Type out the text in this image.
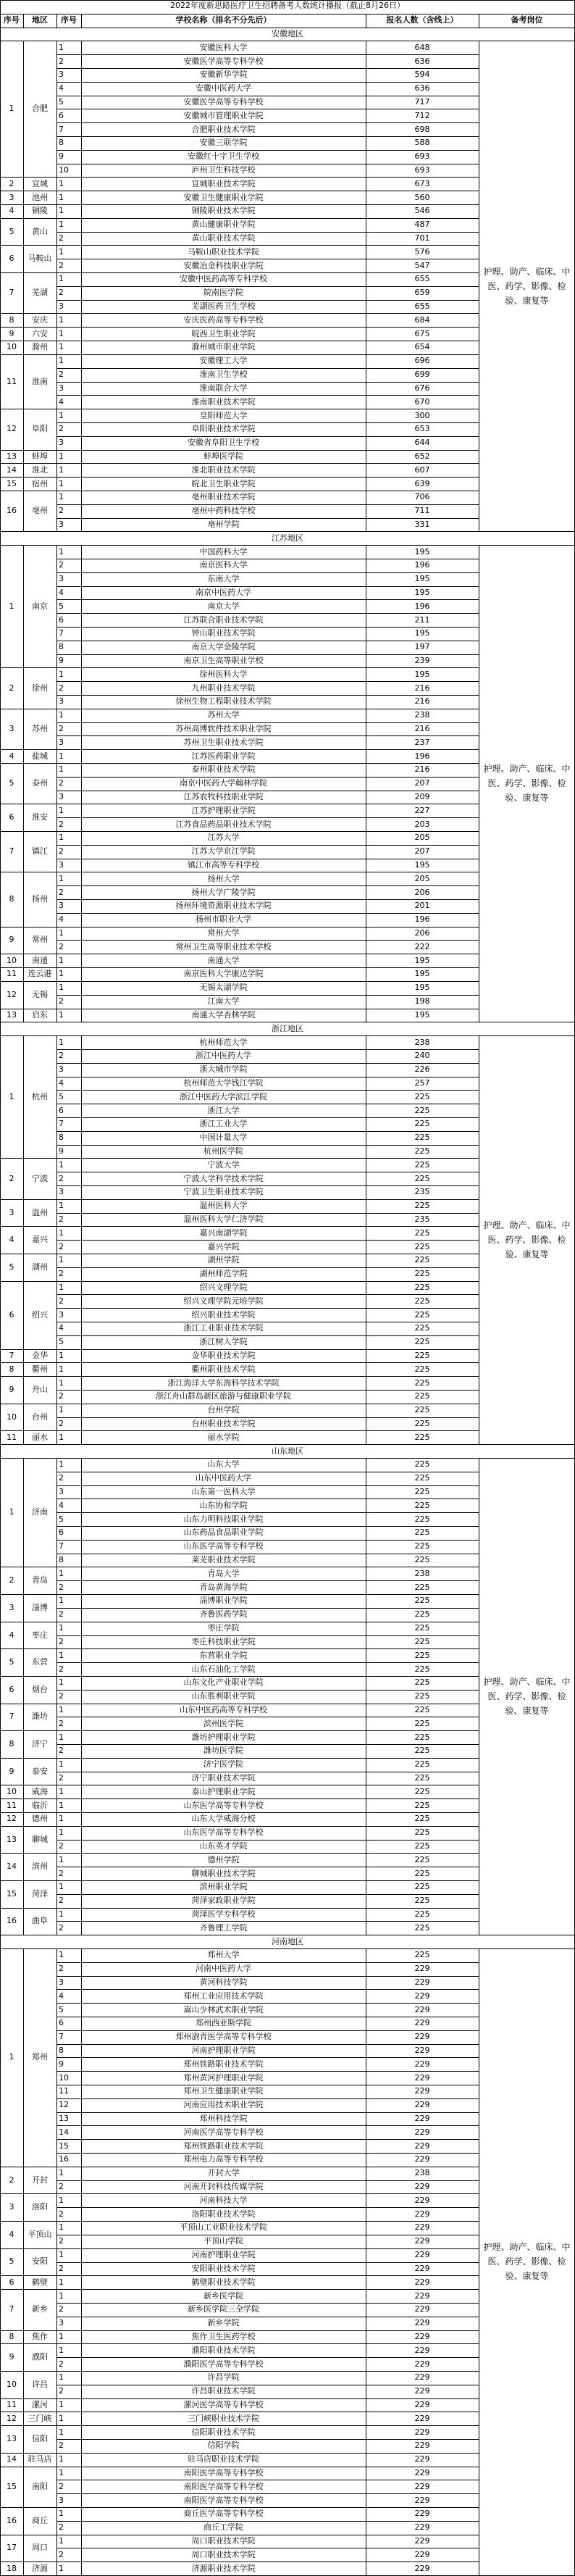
2022年度新思路医疗卫生招聘备考人数统计播报（截止8月26日）
序号	地区	序号	学校名称（排名不分先后）	报名人数（含线上）	备考岗位
安徽地区
1	合肥
1	安徽医科大学	648
2	安徽医学高等专科学校	636
3	安徽新华学院	594
4	安徽中医药大学	636
5	安徽医学高等专科学校	717
6	安徽城市管理职业学院	712
7	合肥职业技术学院	698
8	安徽三联学院	588
9	安徽红十字卫生学校	693
10	庐州卫生科技学校	693
2	宣城	1	宣城职业技术学院	673
3	池州	1	安徽卫生健康职业学院	560
4	铜陵	1	铜陵职业技术学院	546
5	黄山
1	黄山健康职业学院	487
2	黄山职业技术学院	701
6	马鞍山
1	马鞍山职业技术学院	576
2	安徽冶金科技职业学院	547
7	芜湖
1	安徽中医药高等专科学校	655
2	皖南医学院	659
3	芜湖医药卫生学校	655
8	安庆	1	安庆医药高等专科学校	684
9	六安	1	皖西卫生职业学院	675
10	滁州	1	滁州城市职业学院	654
11	淮南
1	安徽理工大学	696
2	淮南卫生学校	699
3	淮南联合大学	676
4	淮南职业技术学院	670
12	阜阳
1	皇阳师范大学	300
2	阜阳职业技术学院	653
3	安徽省阜阳卫生学校	644
13	蚌埠	1	蚌埠医学院	652
14	淮北	1	淮北职业技术学院	607
15	宿州	1	皖北卫生职业学院	639
16	亳州
1	亳州职业技术学院	706
2	亳州中药科技学校	711
3	亳州学院	331
护理、助产、临床、中医、药学、影像、检验、康复等
江苏地区
1	南京
1	中国药科大学	195
2	南京医科大学	196
3	东南大学	195
4	南京中医药大学	195
5	南京大学	196
6	江苏联合职业技术学院	211
7	钟山职业技术学院	195
8	南京大学金陵学院	197
9	南京卫生高等职业学校	239
2	徐州
1	徐州医科大学	195
2	九州职业技术学院	216
3	徐州生物工程职业技术学院	216
3	苏州
1	苏州大学	238
2	苏州高博软件技术职业学院	216
3	苏州卫生职业技术学院	237
4	盐城	1	江苏医药职业学院	196
5	泰州
1	泰州职业技术学院	216
2	南京中医药大学翰林学院	207
3	江苏农牧科技职业学院	209
6	淮安
1	江苏护理职业学院	227
2	江苏食品药品职业技术学院	203
7	镇江
1	江苏大学	205
2	江苏大学京江学院	207
3	镇江市高等专科学校	195
8	扬州
1	扬州大学	205
2	扬州大学广陵学院	206
3	扬州环境资源职业技术学院	201
4	扬州市职业大学	196
9	常州
1	常州大学	206
2	常州卫生高等职业技术学校	222
10	南通	1	南通大学	195
11	连云港 1	南京医科大学康达学院	195
12	无锡
1	无锡太湖学院	195
2	江南大学	198
13	启东	1	南通大学杏林学院	195
护理、助产、临床、中医、药学、影像、检验、康复等
浙江地区
1	杭州
1	杭州师范大学	238
2	浙江中医药大学	240
3	浙大城市学院	226
4	杭州师范大学钱江学院	257
5	浙江中医药大学滨江学院	225
6	浙江大学	225
7	浙江工业大学	225
8	中国计量大学	225
9	杭州医学院	225
2	宁波
1	宁波大学	225
2	宁波大学科学技术学院	225
3	宁波卫生职业技术学院	235
3	温州
1	温州医科大学	225
2	温州医科大学仁济学院	235
4	嘉兴
1	嘉兴南湖学院	225
2	嘉兴学院	225
5	湖州
1	湖州学院	225
2	湖州师范学院	225
6	绍兴
1	绍兴文理学院	225
2	绍兴文理学院元培学院	225
3	绍兴职业技术学院	225
4	浙江工业职业技术学院	225
5	浙江树人学院	225
7	金华	1	金华职业技术学院	225
8	衢州	1	衢州职业技术学院	225
9	舟山
1	浙江海洋大学东海科学技术学院	225
2	浙江舟山群岛新区旅游与健康职业学院	225
10	台州
1	台州学院	225
2	台州职业技术学院	225
11	丽水	1	丽水学院	225
护理、助产、临床、中医、药学、影像、检验、康复等
山东地区
1	济南
1	山东大学	225
2	山东中医药大学	225
3	山东第一医科大学	225
4	山东协和学院	225
5	山东力明科技职业学院	225
6	山东药品食品职业学院	225
7	山东医学高等专科学校	225
8	莱芜职业技术学院	225
2	青岛
1	青岛大学	238
2	青岛黄海学院	225
3	淄博
1	淄博职业学院	225
2	齐鲁医药学院	225
4	枣庄
1	枣庄学院	225
2	枣庄科技职业学院	225
5	东营
1	东营职业学院	225
2	山东石油化工学院	225
6	烟台
1	山东文化产业职业学院	225
2	山东胜利职业学院	225
7	潍坊
1	山东中医药高等专科学校	225
2	滨州医学院	225
8	济宁
1	潍坊护理职业学院	225
2	潍坊医学院	225
9	泰安
1	济宁医学院	225
2	济宁职业技术学院	225
10	威海	1	泰山护理职业学院	225
11	临沂	1	山东医学高等专科学校	225
12	德州	1	山东大学威海分校	225
13	聊城
1	山东医学高等专科学校	225
2	山东英才学院	225
14	滨州
1	德州学院	225
2	聊城职业技术学院	225
15	菏泽
1	滨州职业学院	225
2	菏泽家政职业学院	225
16	曲阜
1	菏泽医学专科学校	225
2	齐鲁理工学院	225
护理、助产、临床、中医、药学、影像、检验、康复等
河南地区
1	郑州
1	郑州大学	225
2	河南中医药大学	229
3	黄河科技学院	229
4	郑州工业应用技术学院	229
5	嵩山少林武术职业学院	229
6	郑州西亚斯学院	229
7	郑州澍青医学高等专科学校	229
8	河南护理职业学院	229
9	郑州铁路职业技术学院	229
10	郑州黄河护理职业学院	229
11	郑州卫生健康职业学院	229
12	河南应用技术职业学院	229
13	郑州科技学院	229
14	河南医学高等专科学校	229
15	郑州铁路职业技术学院	229
16	郑州电力高等专科学校	229
2	开封
1	开封大学	238
2	河南开封科技传媒学院	229
3	洛阳
1	河南科技大学	229
2	洛阳职业技术学院	229
4	平顶山
1	平顶山工业职业技术学院	229
2	平顶山学院	229
5	安阳
1	河南护理职业学院	229
2	安阳职业技术学院	229
6	鹤壁	1	鹤壁职业技术学院	229
7	新乡
1	新乡医学院	229
2	新乡医学院三全学院	229
3	新乡学院	229
8	焦作	1	焦作卫生医药学校	229
9	濮阳
1	濮阳职业技术学院	229
2	濮阳医学高等专科学校	229
10	许昌
1	许昌学院	229
2	许昌职业技术学院	229
11	漯河	1	漯河医学高等专科学校	229
12	三门峡 1	三门峡职业技术学院	229
13	信阳
1	信阳职业技术学院	229
2	信阳学院	229
14	驻马店 1	驻马店职业技术学院	229
15	南阳
1	南阳医学高等专科学校	229
2	南阳医学高等专科学校	229
3	南阳医学高等专科学校	229
16	商丘
1	商丘医学高等专科学校	229
2	商丘工学院	229
17	周口
1	周口职业技术学院	229
2	周口职业技术学院	229
18	济源	1	济源职业技术学院	229
护理、助产、临床、中医、药学、影像、检验、康复等
